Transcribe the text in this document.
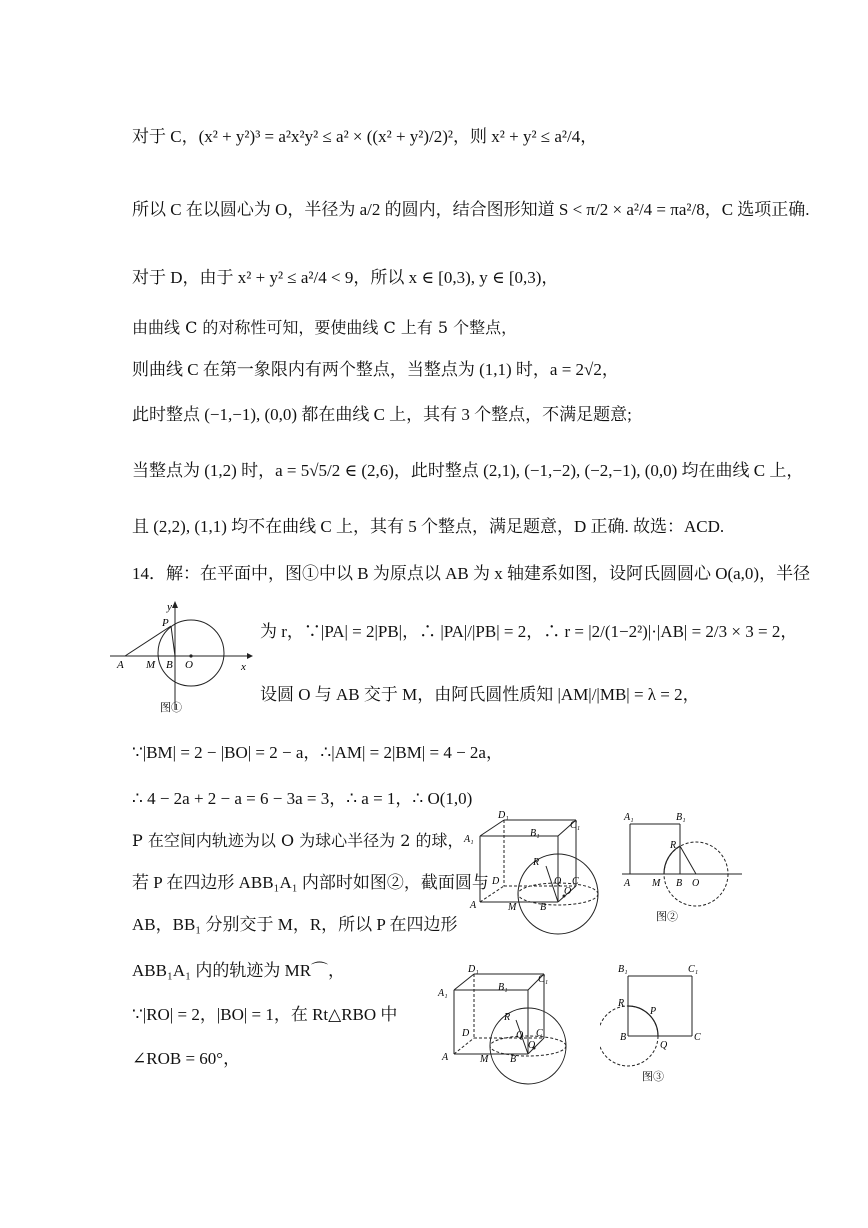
对于 C，(x² + y²)³ = a²x²y² ≤ a² × ((x² + y²)/2)²，则 x² + y² ≤ a²/4，
所以 C 在以圆心为 O，半径为 a/2 的圆内，结合图形知道 S < π/2 × a²/4 = πa²/8，C 选项正确.
对于 D，由于 x² + y² ≤ a²/4 < 9，所以 x ∈ [0,3), y ∈ [0,3)，
由曲线 C 的对称性可知，要使曲线 C 上有 5 个整点，
则曲线 C 在第一象限内有两个整点，当整点为 (1,1) 时，a = 2√2，
此时整点 (−1,−1), (0,0) 都在曲线 C 上，其有 3 个整点，不满足题意;
当整点为 (1,2) 时，a = 5√5/2 ∈ (2,6)，此时整点 (2,1), (−1,−2), (−2,−1), (0,0) 均在曲线 C 上，
且 (2,2), (1,1) 均不在曲线 C 上，其有 5 个整点，满足题意，D 正确. 故选：ACD.
14．解：在平面中，图①中以 B 为原点以 AB 为 x 轴建系如图，设阿氏圆圆心 O(a,0)，半径
为 r，∵|PA| = 2|PB|，∴ |PA|/|PB| = 2，∴ r = |2/(1−2²)|·|AB| = 2/3 × 3 = 2，
设圆 O 与 AB 交于 M，由阿氏圆性质知 |AM|/|MB| = λ = 2，
∵|BM| = 2 − |BO| = 2 − a，∴|AM| = 2|BM| = 4 − 2a，
∴ 4 − 2a + 2 − a = 6 − 3a = 3，∴ a = 1，∴ O(1,0)
P 在空间内轨迹为以 O 为球心半径为 2 的球，
若 P 在四边形 ABB₁A₁ 内部时如图②，截面圆与
AB，BB₁ 分别交于 M，R，所以 P 在四边形
ABB₁A₁ 内的轨迹为 MR⌒，
∵|RO| = 2，|BO| = 1，在 Rt△RBO 中
∠ROB = 60°，
y
x
P
A M B O
图①
D₁
C₁
A₁
B₁
R
D	Q C
O
A	M B
A₁	B₁
R
A M B O
图②
D₁
C₁
A₁
B₁
R
D	Q C
O
A	M B
B₁	C₁
R
P
B
Q
C
图③
